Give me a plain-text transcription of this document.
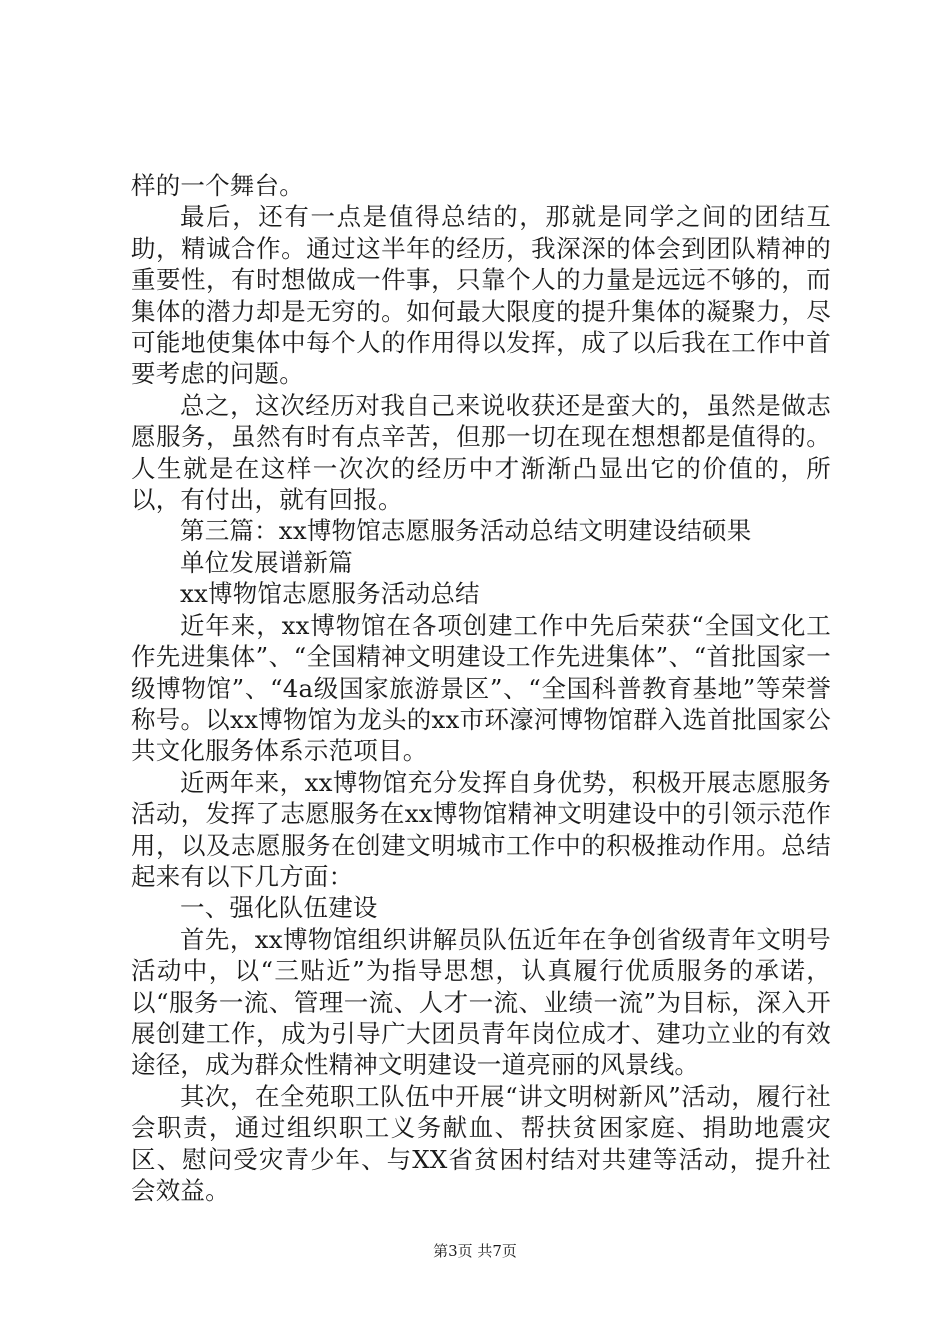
样的一个舞台。

最后，还有一点是值得总结的，那就是同学之间的团结互助，精诚合作。通过这半年的经历，我深深的体会到团队精神的重要性，有时想做成一件事，只靠个人的力量是远远不够的，而集体的潜力却是无穷的。如何最大限度的提升集体的凝聚力，尽可能地使集体中每个人的作用得以发挥，成了以后我在工作中首要考虑的问题。

总之，这次经历对我自己来说收获还是蛮大的，虽然是做志愿服务，虽然有时有点辛苦，但那一切在现在想想都是值得的。人生就是在这样一次次的经历中才渐渐凸显出它的价值的，所以，有付出，就有回报。

第三篇：xx博物馆志愿服务活动总结文明建设结硕果

单位发展谱新篇

xx博物馆志愿服务活动总结

近年来，xx博物馆在各项创建工作中先后荣获“全国文化工作先进集体”、“全国精神文明建设工作先进集体”、“首批国家一级博物馆”、“4a级国家旅游景区”、“全国科普教育基地”等荣誉称号。以xx博物馆为龙头的xx市环濠河博物馆群入选首批国家公共文化服务体系示范项目。

近两年来，xx博物馆充分发挥自身优势，积极开展志愿服务活动，发挥了志愿服务在xx博物馆精神文明建设中的引领示范作用，以及志愿服务在创建文明城市工作中的积极推动作用。总结起来有以下几方面：

一、强化队伍建设

首先，xx博物馆组织讲解员队伍近年在争创省级青年文明号活动中，以“三贴近”为指导思想，认真履行优质服务的承诺，以“服务一流、管理一流、人才一流、业绩一流”为目标，深入开展创建工作，成为引导广大团员青年岗位成才、建功立业的有效途径，成为群众性精神文明建设一道亮丽的风景线。

其次，在全苑职工队伍中开展“讲文明树新风”活动，履行社会职责，通过组织职工义务献血、帮扶贫困家庭、捐助地震灾区、慰问受灾青少年、与XX省贫困村结对共建等活动，提升社会效益。

第3页 共7页
